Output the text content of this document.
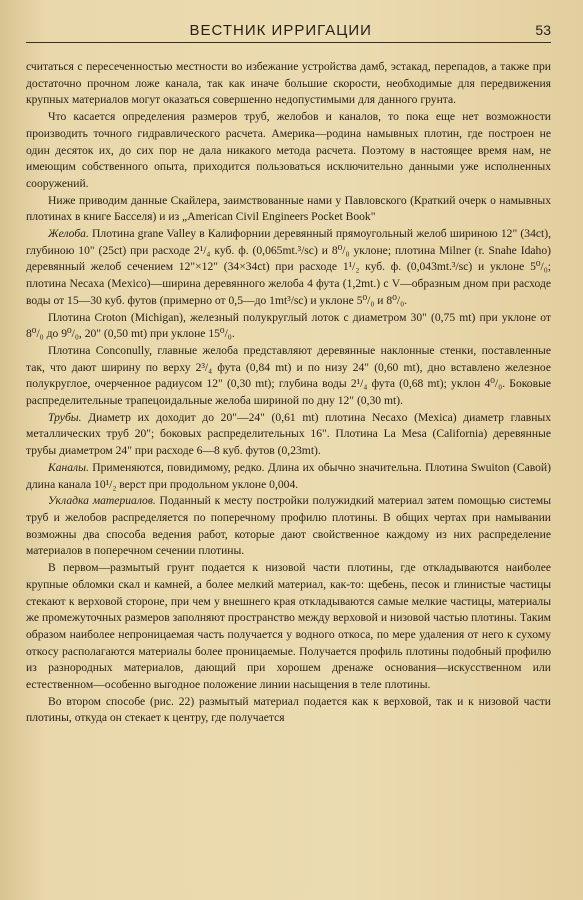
ВЕСТНИК ИРРИГАЦИИ	53

считаться с пересеченностью местности во избежание устройства дамб, эстакад, перепадов, а также при достаточно прочном ложе канала, так как иначе большие скорости, необходимые для передвижения крупных материалов могут оказаться совершенно недопустимыми для данного грунта.

Что касается определения размеров труб, желобов и каналов, то пока еще нет возможности производить точного гидравлического расчета. Америка—родина намывных плотин, где построен не один десяток их, до сих пор не дала никакого метода расчета. Поэтому в настоящее время нам, не имеющим собственного опыта, приходится пользоваться исключительно данными уже исполненных сооружений.

Ниже приводим данные Скайлера, заимствованные нами у Павловского (Краткий очерк о намывных плотинах в книге Басселя) и из „American Civil Engineers Pocket Book"

Желоба. Плотина grane Valley в Калифорнии деревянный прямоугольный желоб шириною 12" (34ct), глубиною 10" (25ct) при расходе 2¹/₄ куб. ф. (0,065mt.³/sc) и 8⁰/₀ уклоне; плотина Milner (r. Snahe Idaho) деревянный желоб сечением 12"×12" (34×34ct) при расходе 1¹/₂ куб. ф. (0,043mt.³/sc) и уклоне 5⁰/₀; плотина Necaxa (Mexico)—ширина деревянного желоба 4 фута (1,2mt.) с V—образным дном при расходе воды от 15—30 куб. футов (примерно от 0,5—до 1mt³/sc) и уклоне 5⁰/₀ и 8⁰/₀.

Плотина Croton (Michigan), железный полукруглый лоток с диаметром 30" (0,75 mt) при уклоне от 8⁰/₀ до 9⁰/₀, 20" (0,50 mt) при уклоне 15⁰/₀.

Плотина Conconully, главные желоба представляют деревянные наклонные стенки, поставленные так, что дают ширину по верху 2³/₄ фута (0,84 mt) и по низу 24" (0,60 mt), дно вставлено железное полукруглое, очерченное радиусом 12" (0,30 mt); глубина воды 2¹/₄ фута (0,68 mt); уклон 4⁰/₀. Боковые распределительные трапецоидальные желоба шириной по дну 12" (0,30 mt).

Трубы. Диаметр их доходит до 20"—24" (0,61 mt) плотина Necaxo (Mexica) диаметр главных металлических труб 20"; боковых распределительных 16". Плотина La Mesa (California) деревянные трубы диаметром 24" при расходе 6—8 куб. футов (0,23mt).

Каналы. Применяются, повидимому, редко. Длина их обычно значительна. Плотина Swuiton (Савой) длина канала 10¹/₂ верст при продольном уклоне 0,004.

Укладка материалов. Поданный к месту постройки полужидкий материал затем помощью системы труб и желобов распределяется по поперечному профилю плотины. В общих чертах при намывании возможны два способа ведения работ, которые дают свойственное каждому из них распределение материалов в поперечном сечении плотины.

В первом—размытый грунт подается к низовой части плотины, где откладываются наиболее крупные обломки скал и камней, а более мелкий материал, как-то: щебень, песок и глинистые частицы стекают к верховой стороне, при чем у внешнего края откладываются самые мелкие частицы, материалы же промежуточных размеров заполняют пространство между верховой и низовой частью плотины. Таким образом наиболее непроницаемая часть получается у водного откоса, по мере удаления от него к сухому откосу располагаются материалы более проницаемые. Получается профиль плотины подобный профилю из разнородных материалов, дающий при хорошем дренаже основания—искусственном или естественном—особенно выгодное положение линии насыщения в теле плотины.

Во втором способе (рис. 22) размытый материал подается как к верховой, так и к низовой части плотины, откуда он стекает к центру, где получается
